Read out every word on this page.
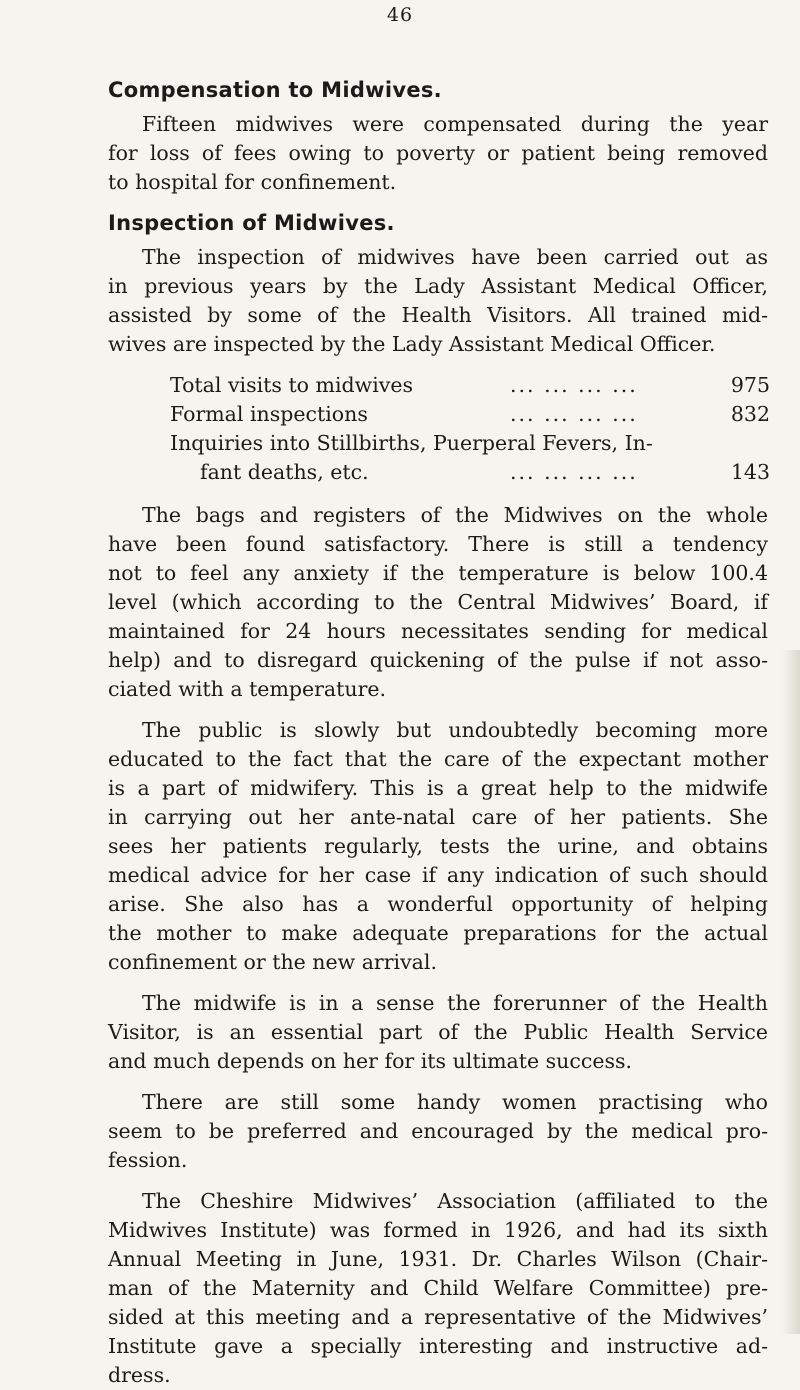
46
Compensation to Midwives.

Fifteen midwives were compensated during the year
for loss of fees owing to poverty or patient being removed
to hospital for confinement.

Inspection of Midwives.

The inspection of midwives have been carried out as
in previous years by the Lady Assistant Medical Officer,
assisted by some of the Health Visitors. All trained mid-
wives are inspected by the Lady Assistant Medical Officer.

Total visits to midwives	... ... ... ...	975
Formal inspections	... ... ... ...	832
Inquiries into Stillbirths, Puerperal Fevers, In-
fant deaths, etc.	... ... ... ...	143

The bags and registers of the Midwives on the whole
have been found satisfactory. There is still a tendency
not to feel any anxiety if the temperature is below 100.4
level (which according to the Central Midwives’ Board, if
maintained for 24 hours necessitates sending for medical
help) and to disregard quickening of the pulse if not asso-
ciated with a temperature.

The public is slowly but undoubtedly becoming more
educated to the fact that the care of the expectant mother
is a part of midwifery. This is a great help to the midwife
in carrying out her ante-natal care of her patients. She
sees her patients regularly, tests the urine, and obtains
medical advice for her case if any indication of such should
arise. She also has a wonderful opportunity of helping
the mother to make adequate preparations for the actual
confinement or the new arrival.

The midwife is in a sense the forerunner of the Health
Visitor, is an essential part of the Public Health Service
and much depends on her for its ultimate success.

There are still some handy women practising who
seem to be preferred and encouraged by the medical pro-
fession.

The Cheshire Midwives’ Association (affiliated to the
Midwives Institute) was formed in 1926, and had its sixth
Annual Meeting in June, 1931. Dr. Charles Wilson (Chair-
man of the Maternity and Child Welfare Committee) pre-
sided at this meeting and a representative of the Midwives’
Institute gave a specially interesting and instructive ad-
dress.
